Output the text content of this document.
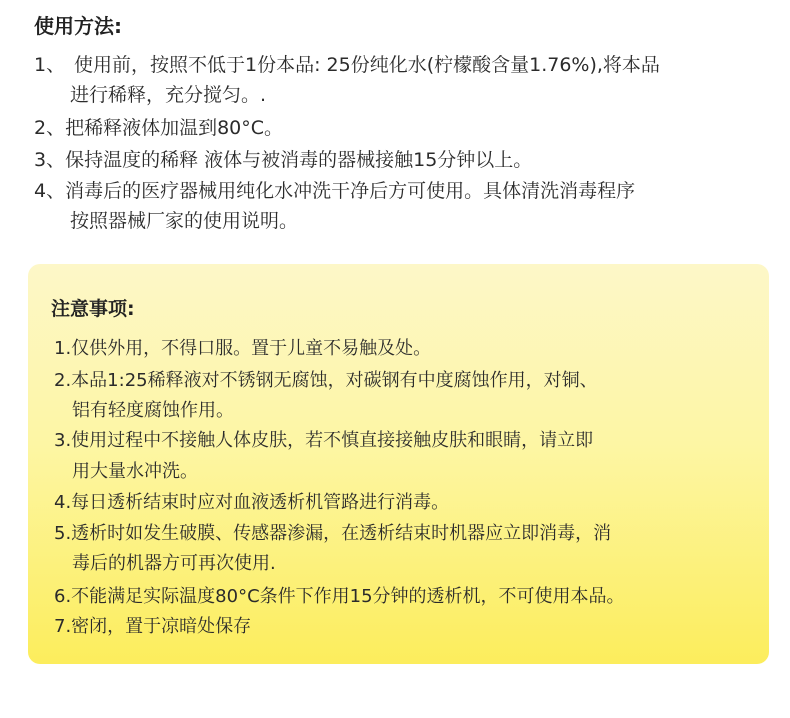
使用方法:
1、 使用前，按照不低于1份本品: 25份纯化水(柠檬酸含量1.76%),将本品
进行稀释，充分搅匀。.
2、把稀释液体加温到80°C。
3、保持温度的稀释 液体与被消毒的器械接触15分钟以上。
4、消毒后的医疗器械用纯化水冲洗干净后方可使用。具体清洗消毒程序
按照器械厂家的使用说明。
注意事项:
1.仅供外用，不得口服。置于儿童不易触及处。
2.本品1:25稀释液对不锈钢无腐蚀，对碳钢有中度腐蚀作用，对铜、
铝有轻度腐蚀作用。
3.使用过程中不接触人体皮肤，若不慎直接接触皮肤和眼睛，请立即
用大量水冲洗。
4.每日透析结束时应对血液透析机管路进行消毒。
5.透析时如发生破膜、传感器渗漏，在透析结束时机器应立即消毒，消
毒后的机器方可再次使用.
6.不能满足实际温度80°C条件下作用15分钟的透析机，不可使用本品。
7.密闭，置于凉暗处保存
